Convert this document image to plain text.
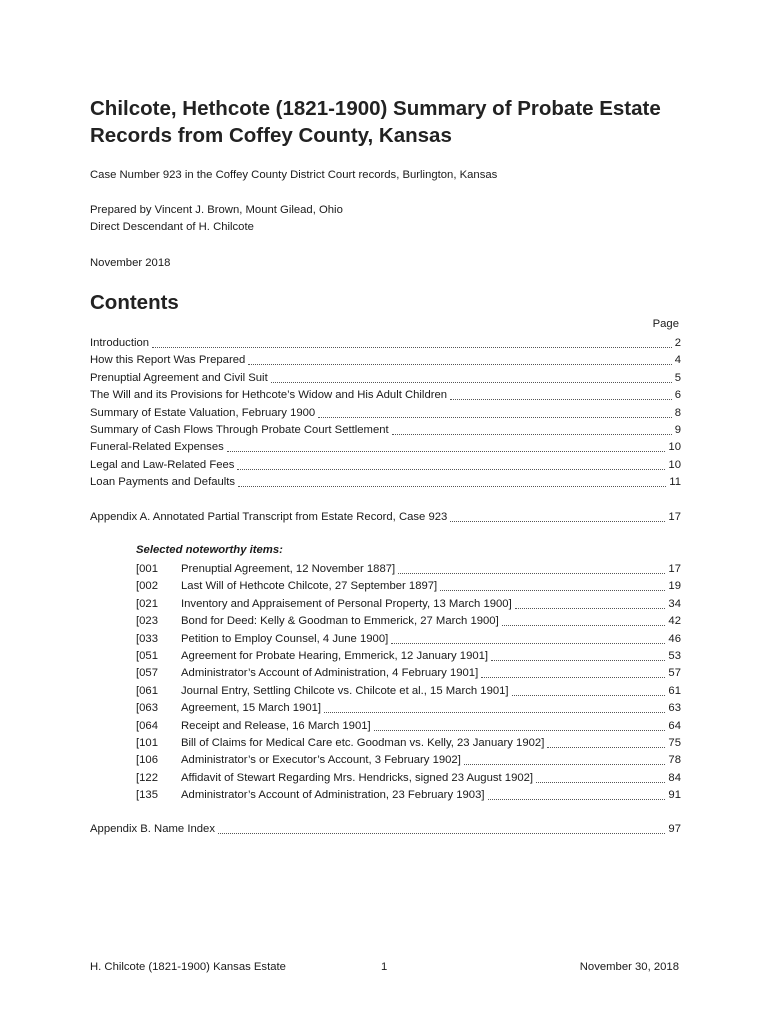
Chilcote, Hethcote (1821-1900) Summary of Probate Estate Records from Coffey County, Kansas
Case Number 923 in the Coffey County District Court records, Burlington, Kansas
Prepared by Vincent J. Brown, Mount Gilead, Ohio
Direct Descendant of H. Chilcote
November 2018
Contents
Page
Introduction	2
How this Report Was Prepared	4
Prenuptial Agreement and Civil Suit	5
The Will and its Provisions for Hethcote’s Widow and His Adult Children	6
Summary of Estate Valuation, February 1900	8
Summary of Cash Flows Through Probate Court Settlement	9
Funeral-Related Expenses	10
Legal and Law-Related Fees	10
Loan Payments and Defaults	11
Appendix A. Annotated Partial Transcript from Estate Record, Case 923	17
Selected noteworthy items:
[001	Prenuptial Agreement, 12 November 1887]	17
[002	Last Will of Hethcote Chilcote, 27 September 1897]	19
[021	Inventory and Appraisement of Personal Property, 13 March 1900]	34
[023	Bond for Deed: Kelly & Goodman to Emmerick, 27 March 1900]	42
[033	Petition to Employ Counsel, 4 June 1900]	46
[051	Agreement for Probate Hearing, Emmerick, 12 January 1901]	53
[057	Administrator’s Account of Administration, 4 February 1901]	57
[061	Journal Entry, Settling Chilcote vs. Chilcote et al., 15 March 1901]	61
[063	Agreement, 15 March 1901]	63
[064	Receipt and Release, 16 March 1901]	64
[101	Bill of Claims for Medical Care etc. Goodman vs. Kelly, 23 January 1902]	75
[106	Administrator’s or Executor’s Account, 3 February 1902]	78
[122	Affidavit of Stewart Regarding Mrs. Hendricks, signed 23 August 1902]	84
[135	Administrator’s Account of Administration, 23 February 1903]	91
Appendix B. Name Index	97
H. Chilcote (1821-1900) Kansas Estate	1	November 30, 2018
